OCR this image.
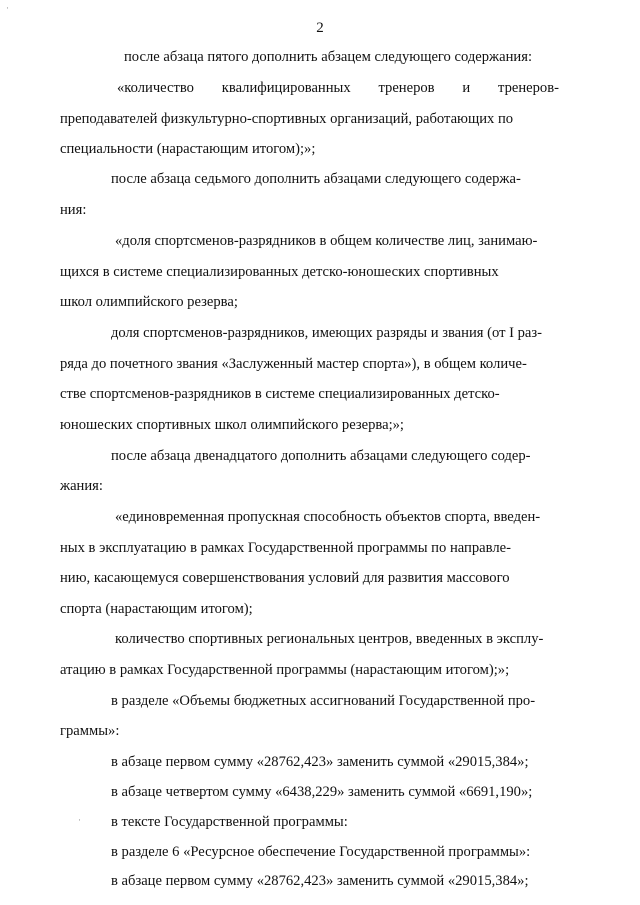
2
после абзаца пятого дополнить абзацем следующего содержания:
«количество квалифицированных тренеров и тренеров-
преподавателей физкультурно-спортивных организаций, работающих по
специальности (нарастающим итогом);»;
после абзаца седьмого дополнить абзацами следующего содержа-
ния:
«доля спортсменов-разрядников в общем количестве лиц, занимаю-
щихся в системе специализированных детско-юношеских спортивных
школ олимпийского резерва;
доля спортсменов-разрядников, имеющих разряды и звания (от I раз-
ряда до почетного звания «Заслуженный мастер спорта»), в общем количе-
стве спортсменов-разрядников в системе специализированных детско-
юношеских спортивных школ олимпийского резерва;»;
после абзаца двенадцатого дополнить абзацами следующего содер-
жания:
«единовременная пропускная способность объектов спорта, введен-
ных в эксплуатацию в рамках Государственной программы по направле-
нию, касающемуся совершенствования условий для развития массового
спорта (нарастающим итогом);
количество спортивных региональных центров, введенных в эксплу-
атацию в рамках Государственной программы (нарастающим итогом);»;
в разделе «Объемы бюджетных ассигнований Государственной про-
граммы»:
в абзаце первом сумму «28762,423» заменить суммой «29015,384»;
в абзаце четвертом сумму «6438,229» заменить суммой «6691,190»;
в тексте Государственной программы:
в разделе 6 «Ресурсное обеспечение Государственной программы»:
в абзаце первом сумму «28762,423» заменить суммой «29015,384»;
·
·
